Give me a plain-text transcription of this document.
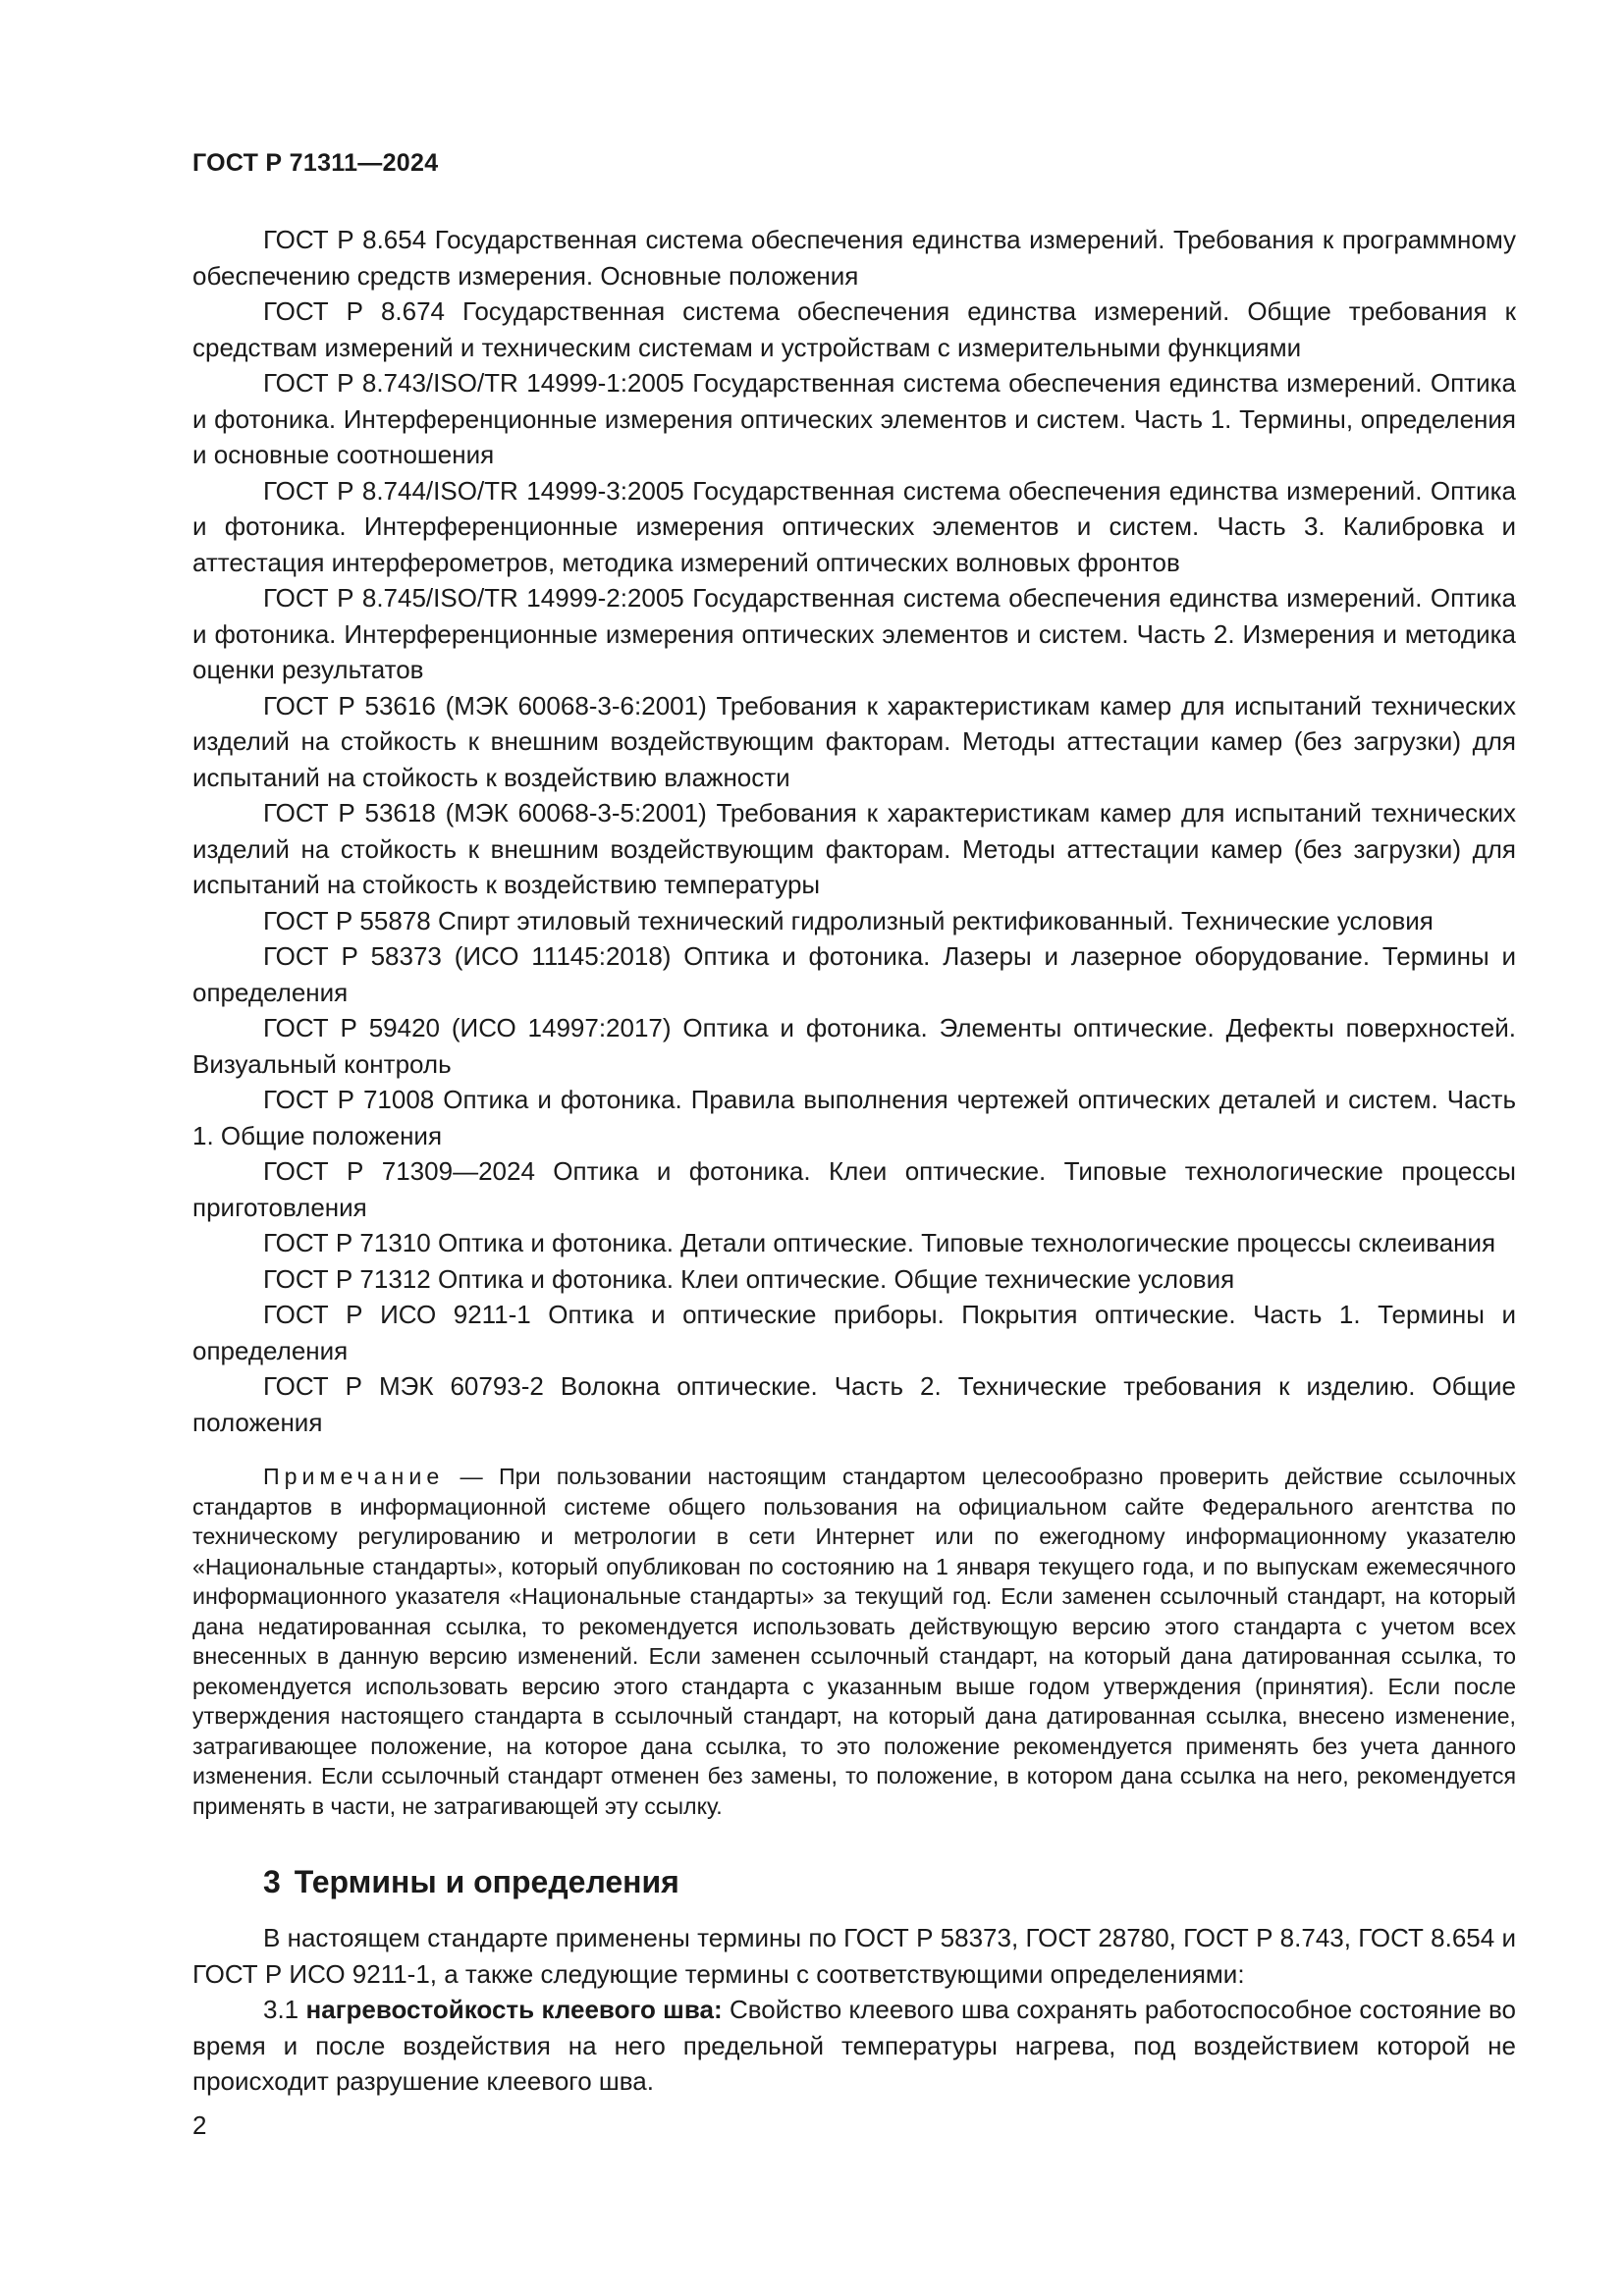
ГОСТ Р 71311—2024

ГОСТ Р 8.654 Государственная система обеспечения единства измерений. Требования к программному обеспечению средств измерения. Основные положения

ГОСТ Р 8.674 Государственная система обеспечения единства измерений. Общие требования к средствам измерений и техническим системам и устройствам с измерительными функциями

ГОСТ Р 8.743/ISO/TR 14999-1:2005 Государственная система обеспечения единства измерений. Оптика и фотоника. Интерференционные измерения оптических элементов и систем. Часть 1. Термины, определения и основные соотношения

ГОСТ Р 8.744/ISO/TR 14999-3:2005 Государственная система обеспечения единства измерений. Оптика и фотоника. Интерференционные измерения оптических элементов и систем. Часть 3. Калибровка и аттестация интерферометров, методика измерений оптических волновых фронтов

ГОСТ Р 8.745/ISO/TR 14999-2:2005 Государственная система обеспечения единства измерений. Оптика и фотоника. Интерференционные измерения оптических элементов и систем. Часть 2. Измерения и методика оценки результатов

ГОСТ Р 53616 (МЭК 60068-3-6:2001) Требования к характеристикам камер для испытаний технических изделий на стойкость к внешним воздействующим факторам. Методы аттестации камер (без загрузки) для испытаний на стойкость к воздействию влажности

ГОСТ Р 53618 (МЭК 60068-3-5:2001) Требования к характеристикам камер для испытаний технических изделий на стойкость к внешним воздействующим факторам. Методы аттестации камер (без загрузки) для испытаний на стойкость к воздействию температуры

ГОСТ Р 55878 Спирт этиловый технический гидролизный ректификованный. Технические условия

ГОСТ Р 58373 (ИСО 11145:2018) Оптика и фотоника. Лазеры и лазерное оборудование. Термины и определения

ГОСТ Р 59420 (ИСО 14997:2017) Оптика и фотоника. Элементы оптические. Дефекты поверхностей. Визуальный контроль

ГОСТ Р 71008 Оптика и фотоника. Правила выполнения чертежей оптических деталей и систем. Часть 1. Общие положения

ГОСТ Р 71309—2024 Оптика и фотоника. Клеи оптические. Типовые технологические процессы приготовления

ГОСТ Р 71310 Оптика и фотоника. Детали оптические. Типовые технологические процессы склеивания

ГОСТ Р 71312 Оптика и фотоника. Клеи оптические. Общие технические условия

ГОСТ Р ИСО 9211-1 Оптика и оптические приборы. Покрытия оптические. Часть 1. Термины и определения

ГОСТ Р МЭК 60793-2 Волокна оптические. Часть 2. Технические требования к изделию. Общие положения

Примечание — При пользовании настоящим стандартом целесообразно проверить действие ссылочных стандартов в информационной системе общего пользования на официальном сайте Федерального агентства по техническому регулированию и метрологии в сети Интернет или по ежегодному информационному указателю «Национальные стандарты», который опубликован по состоянию на 1 января текущего года, и по выпускам ежемесячного информационного указателя «Национальные стандарты» за текущий год. Если заменен ссылочный стандарт, на который дана недатированная ссылка, то рекомендуется использовать действующую версию этого стандарта с учетом всех внесенных в данную версию изменений. Если заменен ссылочный стандарт, на который дана датированная ссылка, то рекомендуется использовать версию этого стандарта с указанным выше годом утверждения (принятия). Если после утверждения настоящего стандарта в ссылочный стандарт, на который дана датированная ссылка, внесено изменение, затрагивающее положение, на которое дана ссылка, то это положение рекомендуется применять без учета данного изменения. Если ссылочный стандарт отменен без замены, то положение, в котором дана ссылка на него, рекомендуется применять в части, не затрагивающей эту ссылку.

3 Термины и определения

В настоящем стандарте применены термины по ГОСТ Р 58373, ГОСТ 28780, ГОСТ Р 8.743, ГОСТ 8.654 и ГОСТ Р ИСО 9211-1, а также следующие термины с соответствующими определениями:

3.1 нагревостойкость клеевого шва: Свойство клеевого шва сохранять работоспособное состояние во время и после воздействия на него предельной температуры нагрева, под воздействием которой не происходит разрушение клеевого шва.

2
